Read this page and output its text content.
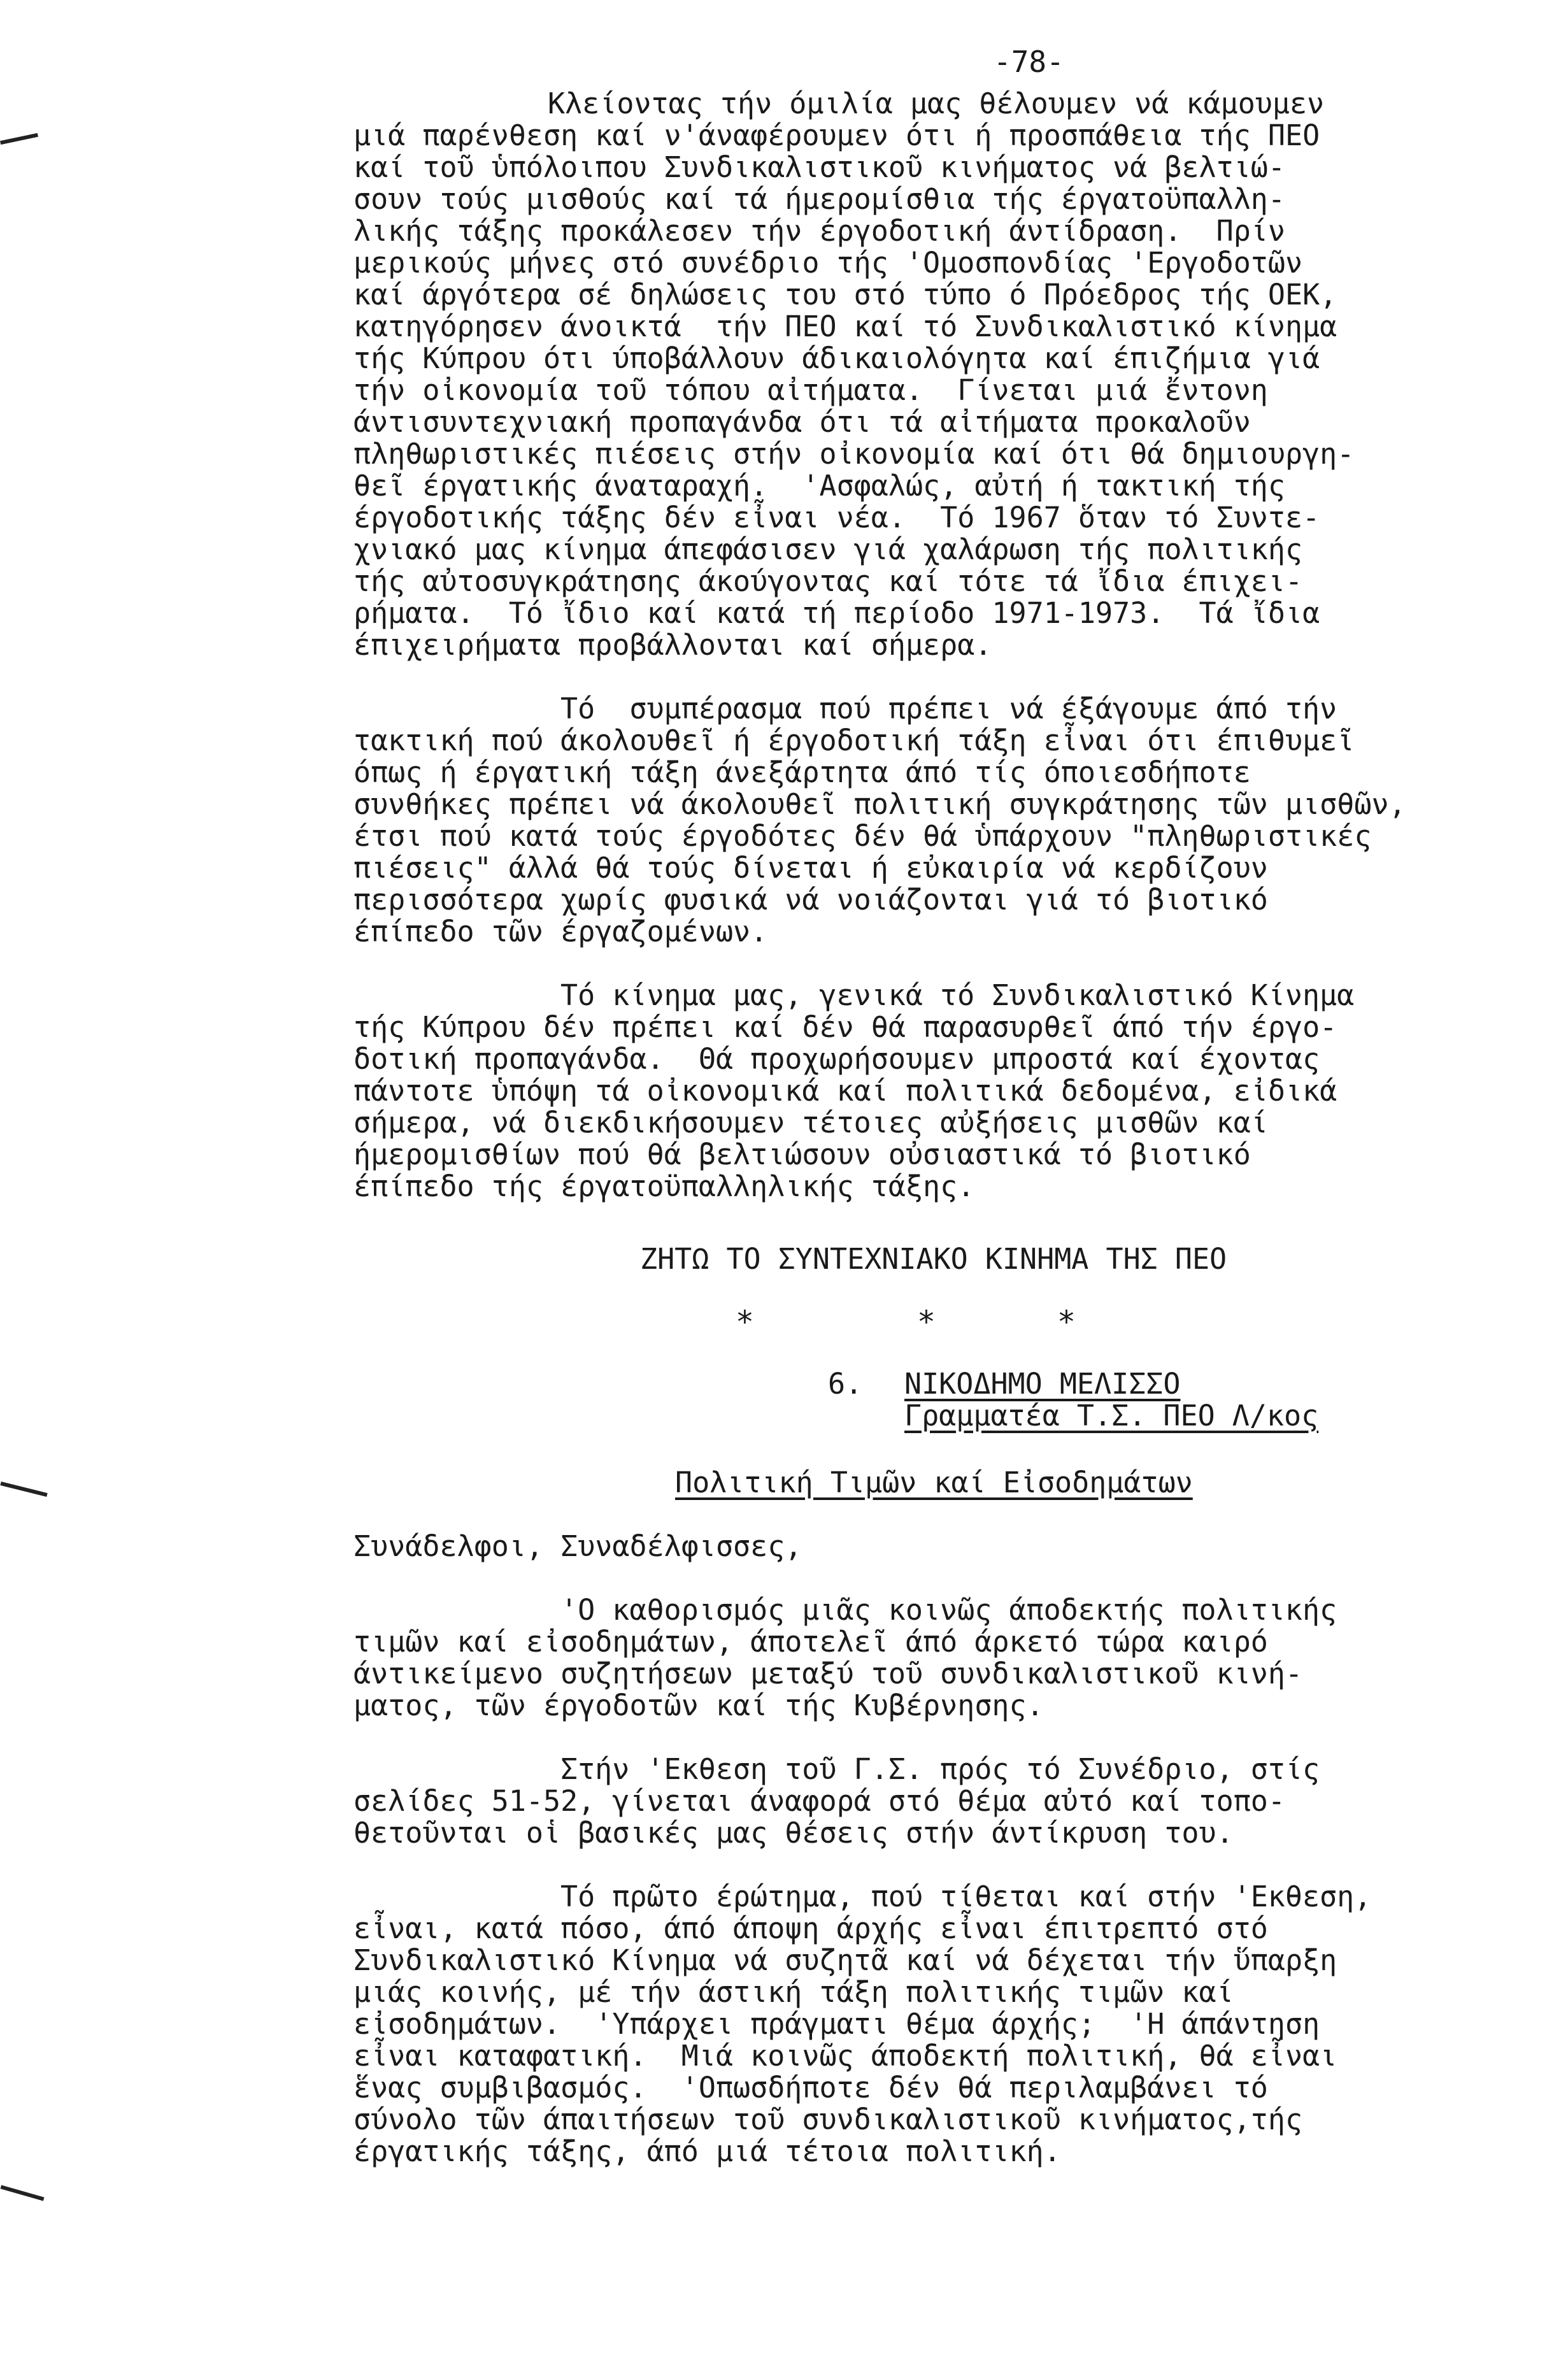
-78-
Κλείοντας τήν όμιλία μας θέλουμεν νά κάμουμεν
μιά παρένθεση καί ν'άναφέρουμεν ότι ή προσπάθεια τής ΠΕΟ
καί τοῦ ὑπόλοιπου Συνδικαλιστικοῦ κινήματος νά βελτιώ-
σουν τούς μισθούς καί τά ήμερομίσθια τής έργατοϋπαλλη-
λικής τάξης προκάλεσεν τήν έργοδοτική άντίδραση.  Πρίν
μερικούς μήνες στό συνέδριο τής 'Ομοσπονδίας 'Εργοδοτῶν
καί άργότερα σέ δηλώσεις του στό τύπο ό Πρόεδρος τής ΟΕΚ,
κατηγόρησεν άνοικτά  τήν ΠΕΟ καί τό Συνδικαλιστικό κίνημα
τής Κύπρου ότι ύποβάλλουν άδικαιολόγητα καί έπιζήμια γιά
τήν οἰκονομία τοῦ τόπου αἰτήματα.  Γίνεται μιά ἔντονη
άντισυντεχνιακή προπαγάνδα ότι τά αἰτήματα προκαλοῦν
πληθωριστικές πιέσεις στήν οἰκονομία καί ότι θά δημιουργη-
θεῖ έργατικής άναταραχή.  'Ασφαλώς, αὐτή ή τακτική τής
έργοδοτικής τάξης δέν εἶναι νέα.  Τό 1967 ὅταν τό Συντε-
χνιακό μας κίνημα άπεφάσισεν γιά χαλάρωση τής πολιτικής
τής αὐτοσυγκράτησης άκούγοντας καί τότε τά ἴδια έπιχει-
ρήματα.  Τό ἴδιο καί κατά τή περίοδο 1971-1973.  Τά ἴδια
έπιχειρήματα προβάλλονται καί σήμερα.
Τό  συμπέρασμα πού πρέπει νά έξάγουμε άπό τήν
τακτική πού άκολουθεῖ ή έργοδοτική τάξη εἶναι ότι έπιθυμεῖ
όπως ή έργατική τάξη άνεξάρτητα άπό τίς όποιεσδήποτε
συνθήκες πρέπει νά άκολουθεῖ πολιτική συγκράτησης τῶν μισθῶν,
έτσι πού κατά τούς έργοδότες δέν θά ὑπάρχουν "πληθωριστικές
πιέσεις" άλλά θά τούς δίνεται ή εὐκαιρία νά κερδίζουν
περισσότερα χωρίς φυσικά νά νοιάζονται γιά τό βιοτικό
έπίπεδο τῶν έργαζομένων.
Τό κίνημα μας, γενικά τό Συνδικαλιστικό Κίνημα
τής Κύπρου δέν πρέπει καί δέν θά παρασυρθεῖ άπό τήν έργο-
δοτική προπαγάνδα.  Θά προχωρήσουμεν μπροστά καί έχοντας
πάντοτε ὑπόψη τά οἰκονομικά καί πολιτικά δεδομένα, εἰδικά
σήμερα, νά διεκδικήσουμεν τέτοιες αὐξήσεις μισθῶν καί
ήμερομισθίων πού θά βελτιώσουν οὐσιαστικά τό βιοτικό
έπίπεδο τής έργατοϋπαλληλικής τάξης.
ΖΗΤΩ ΤΟ ΣΥΝΤΕΧΝΙΑΚΟ ΚΙΝΗΜΑ ΤΗΣ ΠΕΟ
*	*	*
6. ΝΙΚΟΔΗΜΟ ΜΕΛΙΣΣΟ
Γραμματέα Τ.Σ. ΠΕΟ Λ/κος
Πολιτική Τιμῶν καί Εἰσοδημάτων
Συνάδελφοι, Συναδέλφισσες,
'Ο καθορισμός μιᾶς κοινῶς άποδεκτής πολιτικής
τιμῶν καί εἰσοδημάτων, άποτελεῖ άπό άρκετό τώρα καιρό
άντικείμενο συζητήσεων μεταξύ τοῦ συνδικαλιστικοῦ κινή-
ματος, τῶν έργοδοτῶν καί τής Κυβέρνησης.
Στήν 'Εκθεση τοῦ Γ.Σ. πρός τό Συνέδριο, στίς
σελίδες 51-52, γίνεται άναφορά στό θέμα αὐτό καί τοπο-
θετοῦνται οἱ βασικές μας θέσεις στήν άντίκρυση του.
Τό πρῶτο έρώτημα, πού τίθεται καί στήν 'Εκθεση,
εἶναι, κατά πόσο, άπό άποψη άρχής εἶναι έπιτρεπτό στό
Συνδικαλιστικό Κίνημα νά συζητᾶ καί νά δέχεται τήν ὕπαρξη
μιάς κοινής, μέ τήν άστική τάξη πολιτικής τιμῶν καί
εἰσοδημάτων.  'Υπάρχει πράγματι θέμα άρχής;  'Η άπάντηση
εἶναι καταφατική.  Μιά κοινῶς άποδεκτή πολιτική, θά εἶναι
ἕνας συμβιβασμός.  'Οπωσδήποτε δέν θά περιλαμβάνει τό
σύνολο τῶν άπαιτήσεων τοῦ συνδικαλιστικοῦ κινήματος,τής
έργατικής τάξης, άπό μιά τέτοια πολιτική.
